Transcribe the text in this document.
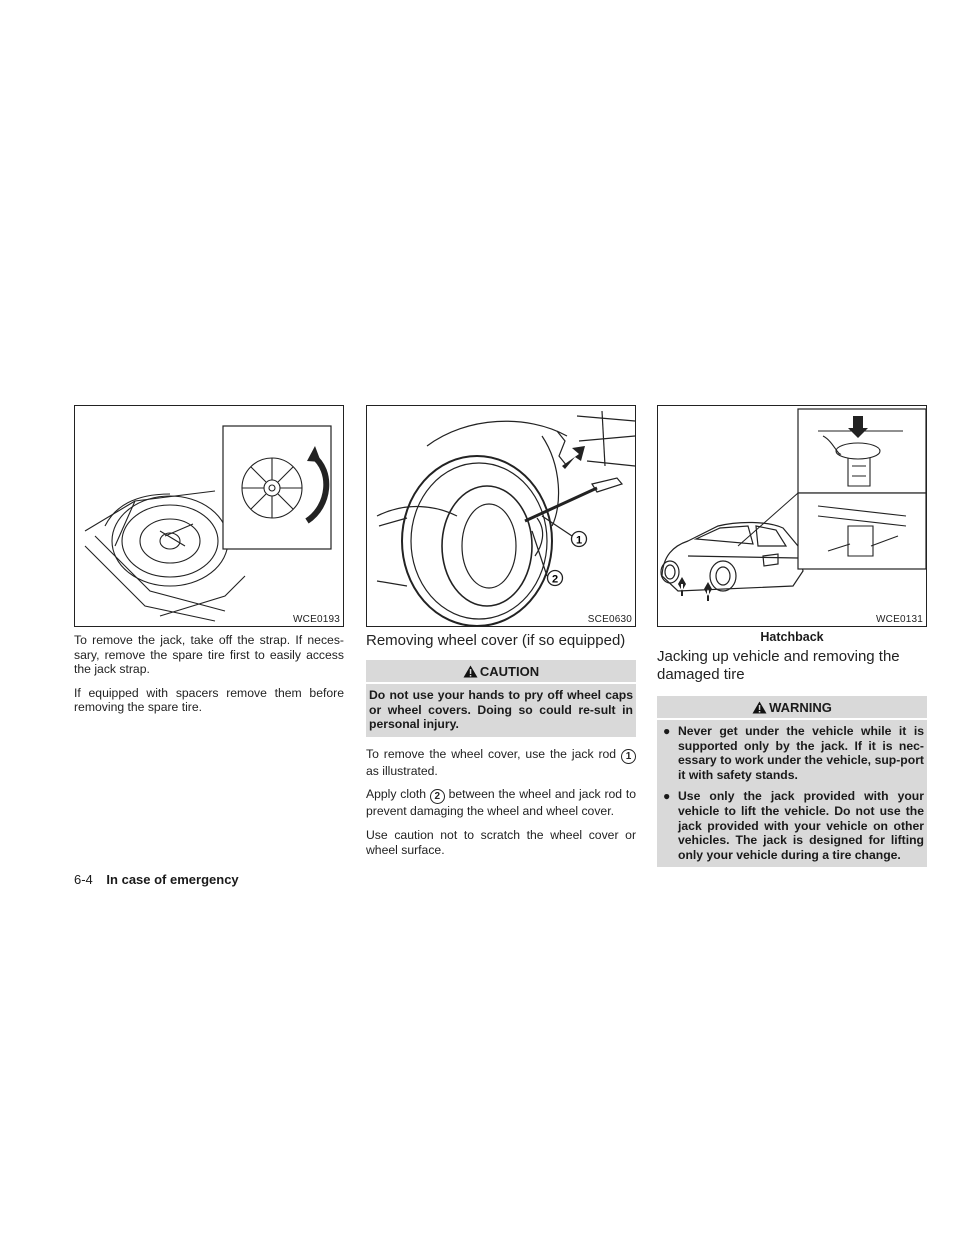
WCE0193

To remove the jack, take off the strap. If neces-sary, remove the spare tire first to easily access the jack strap.

If equipped with spacers remove them before removing the spare tire.

1
2
SCE0630
Removing wheel cover (if so equipped)
CAUTION
Do not use your hands to pry off wheel caps or wheel covers. Doing so could re-sult in personal injury.

To remove the wheel cover, use the jack rod 1 as illustrated.

Apply cloth 2 between the wheel and jack rod to prevent damaging the wheel and wheel cover.

Use caution not to scratch the wheel cover or wheel surface.

WCE0131
Hatchback
Jacking up vehicle and removing the damaged tire
WARNING
● Never get under the vehicle while it is supported only by the jack. If it is nec-essary to work under the vehicle, sup-port it with safety stands.
● Use only the jack provided with your vehicle to lift the vehicle. Do not use the jack provided with your vehicle on other vehicles. The jack is designed for lifting only your vehicle during a tire change.
6-4 In case of emergency
